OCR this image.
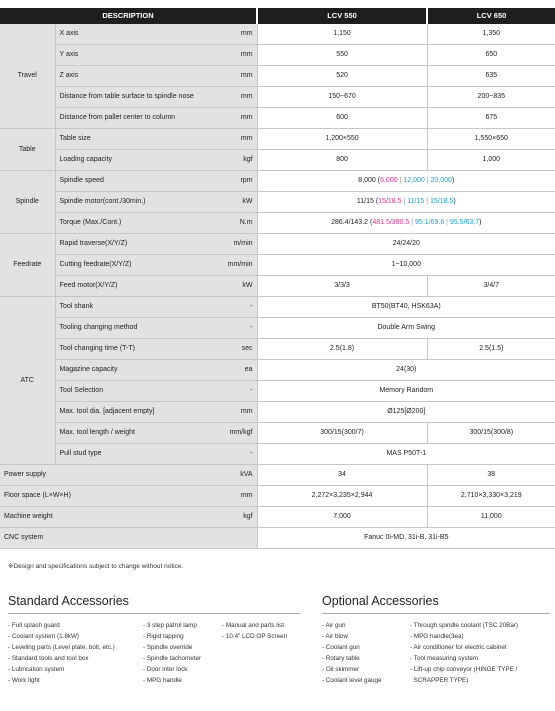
DESCRIPTION			LCV 550	LCV 650
Travel	X axis	mm	1,150	1,350
	Y axis	mm	550	650
	Z axis	mm	520	635
	Distance from table surface to spindle nose	mm	150~670	200~835
	Distance from pallet center to column	mm	600	675
Table	Table size	mm	1,200×550	1,550×650
	Loading capacity	kgf	800	1,000
Spindle	Spindle speed	rpm	8,000 (6,000 | 12,000 | 20,000)	
	Spindle motor(cont./30min.)	kW	11/15 (15/18.5 | 11/15 | 15/18.5)	
	Torque (Max./Cont.)	N.m	286.4/143.2 (481.5/390.5 | 95.1/69.6 | 95.5/63.7)	
Feedrate	Rapid traverse(X/Y/Z)	m/min	24/24/20	
	Cutting feedrate(X/Y/Z)	mm/min	1~10,000	
	Feed motor(X/Y/Z)	kW	3/3/3	3/4/7
ATC	Tool shank	-	BT50(BT40, HSK63A)	
	Tooling changing method	-	Double Arm Swing	
	Tool changing time (T-T)	sec	2.5(1.8)	2.5(1.5)
	Magazine capacity	ea	24(30)	
	Tool Selection	-	Memory Random	
	Max. tool dia. [adjacent empty]	mm	Ø125[Ø200]	
	Max. tool length / weight	mm/kgf	300/15(300/7)	300/15(300/8)
	Pull stud type	-	MAS P50T-1	
Power supply		kVA	34	38
Floor space (L×W×H)		mm	2,272×3,235×2,944	2,710×3,330×3,219
Machine weight		kgf	7,000	11,000
CNC system			Fanuc 0i-MD, 31i-B, 31i-B5	
※Design and specifications subject to change without notice.
Standard Accessories
- Full splash guard
- Coolant system (1.8kW)
- Leveling parts (Level plate, bolt, etc.)
- Standard tools and tool box
- Lubrication system
- Work light
- 3 step patrol lamp
- Rigid tapping
- Spindle override
- Spindle tachometer
- Door inter lock
- MPG handle
- Manual and parts list
- 10.4" LCD OP Screen
Optional Accessories
- Air gun
- Air blow
- Coolant gun
- Rotary table
- Oil skimmer
- Coolant level gauge
- Through spindle coolant (TSC 20Bar)
- MPG handle(3ea)
- Air conditioner for electric cabinet
- Tool measuring system
- Lift-up chip conveyor (HINGE TYPE /
SCRAPPER TYPE)
